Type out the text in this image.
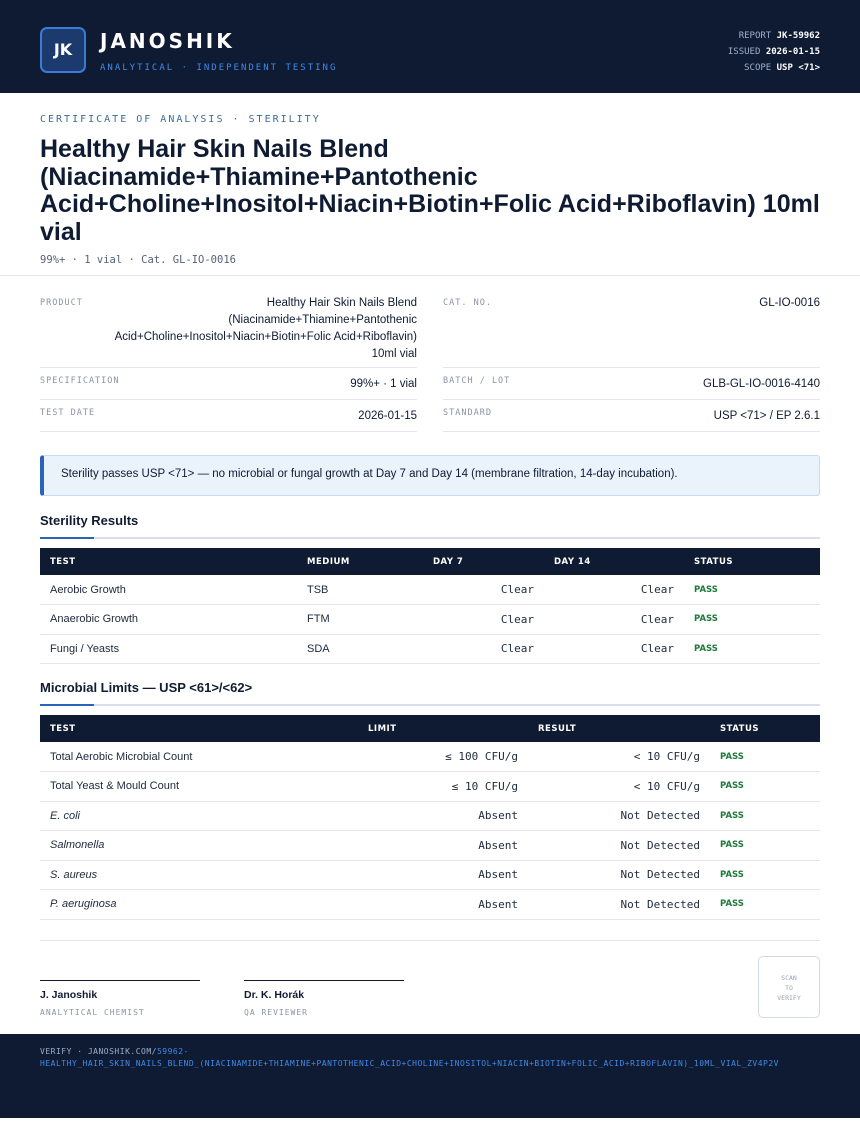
JK	JANOSHIK
ANALYTICAL · INDEPENDENT TESTING
REPORT JK-59962
ISSUED 2026-01-15
SCOPE USP <71>
CERTIFICATE OF ANALYSIS · STERILITY
Healthy Hair Skin Nails Blend (Niacinamide+Thiamine+Pantothenic Acid+Choline+Inositol+Niacin+Biotin+Folic Acid+Riboflavin) 10ml vial
99%+ · 1 vial · Cat. GL-IO-0016
PRODUCT	Healthy Hair Skin Nails Blend
(Niacinamide+Thiamine+Pantothenic
Acid+Choline+Inositol+Niacin+Biotin+Folic Acid+Riboflavin)
10ml vial
SPECIFICATION	99%+ · 1 vial
TEST DATE	2026-01-15
CAT. NO.	GL-IO-0016
BATCH / LOT	GLB-GL-IO-0016-4140
STANDARD	USP <71> / EP 2.6.1
Sterility passes USP <71> — no microbial or fungal growth at Day 7 and Day 14 (membrane filtration, 14-day incubation).
Sterility Results
TEST	MEDIUM	DAY 7	DAY 14	STATUS
Aerobic Growth	TSB	Clear	Clear	PASS
Anaerobic Growth	FTM	Clear	Clear	PASS
Fungi / Yeasts	SDA	Clear	Clear	PASS
Microbial Limits — USP <61>/<62>
TEST	LIMIT	RESULT	STATUS
Total Aerobic Microbial Count	≤ 100 CFU/g	< 10 CFU/g	PASS
Total Yeast & Mould Count	≤ 10 CFU/g	< 10 CFU/g	PASS
E. coli	Absent	Not Detected	PASS
Salmonella	Absent	Not Detected	PASS
S. aureus	Absent	Not Detected	PASS
P. aeruginosa	Absent	Not Detected	PASS
J. Janoshik
ANALYTICAL CHEMIST
Dr. K. Horák
QA REVIEWER
SCAN
TO
VERIFY
VERIFY · JANOSHIK.COM/59962-
HEALTHY_HAIR_SKIN_NAILS_BLEND_(NIACINAMIDE+THIAMINE+PANTOTHENIC_ACID+CHOLINE+INOSITOL+NIACIN+BIOTIN+FOLIC_ACID+RIBOFLAVIN)_10ML_VIAL_ZV4P2V
